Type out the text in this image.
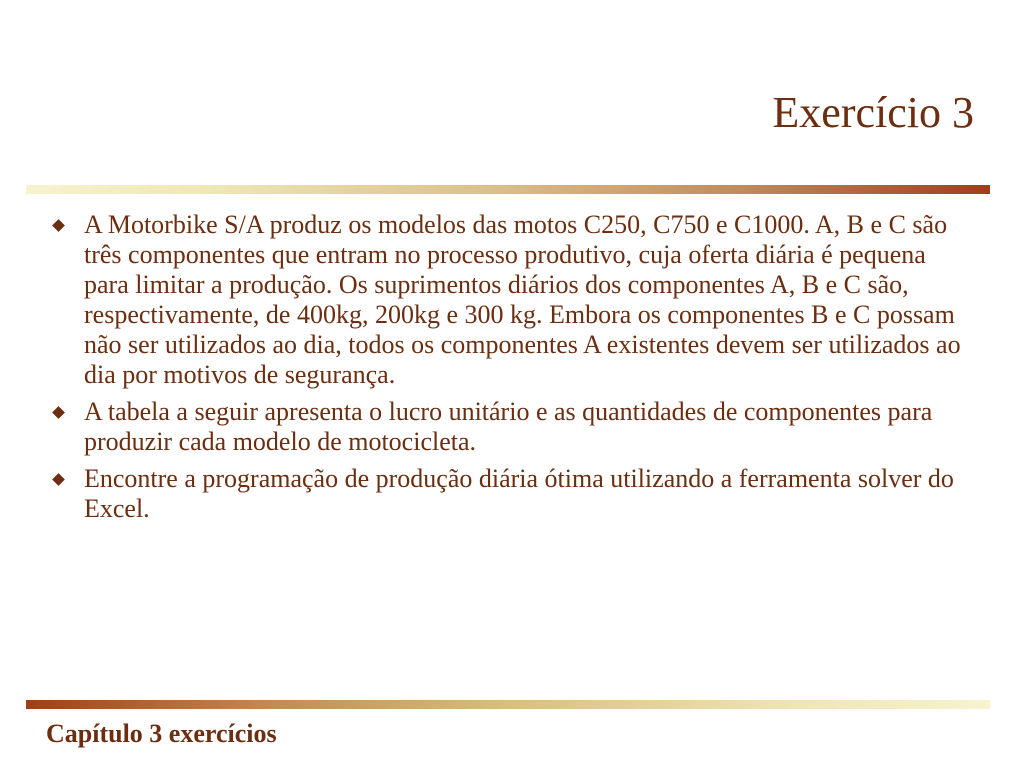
Exercício 3
A Motorbike S/A produz os modelos das motos C250, C750 e C1000. A, B e C são três componentes que entram no processo produtivo, cuja oferta diária é pequena para limitar a produção. Os suprimentos diários dos componentes A, B e C são, respectivamente, de 400kg, 200kg e 300 kg. Embora os componentes B e C possam não ser utilizados ao dia, todos os componentes A existentes devem ser utilizados ao dia por motivos de segurança.
A tabela a seguir apresenta o lucro unitário e as quantidades de componentes para produzir cada modelo de motocicleta.
Encontre a programação de produção diária ótima utilizando a ferramenta solver do Excel.
Capítulo 3 exercícios
